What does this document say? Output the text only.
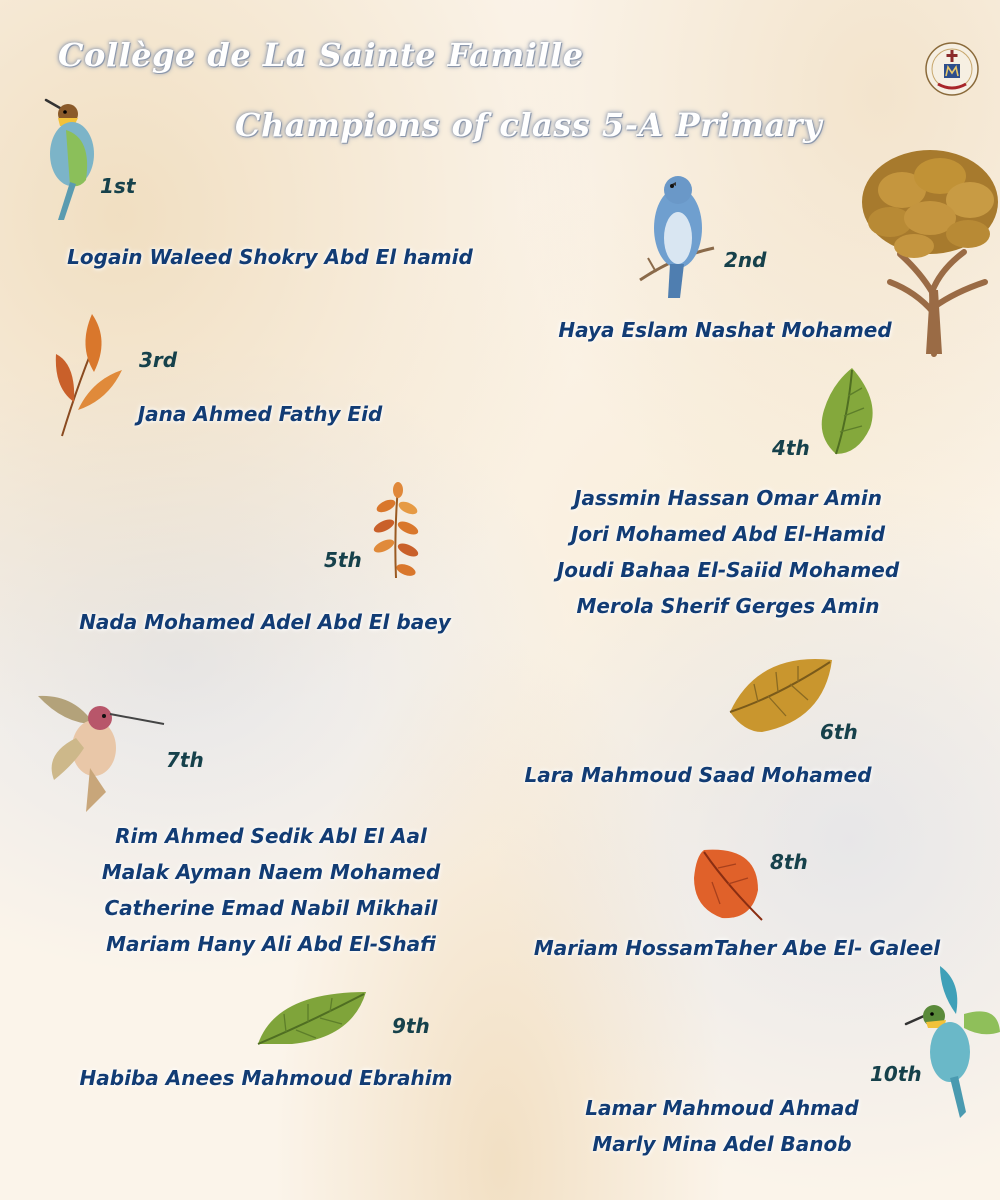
Collège de La Sainte Famille
Champions of class 5-A Primary
1st
2nd
3rd
4th
5th
6th
7th
8th
9th
10th
Logain Waleed Shokry Abd El hamid
Haya Eslam Nashat Mohamed
Jana Ahmed Fathy Eid
Jassmin Hassan Omar Amin
Jori Mohamed Abd El-Hamid
Joudi Bahaa El-Saiid Mohamed
Merola Sherif Gerges Amin
Nada Mohamed Adel Abd El baey
Lara Mahmoud Saad Mohamed
Rim Ahmed Sedik Abl El Aal
Malak Ayman Naem Mohamed
Catherine Emad Nabil Mikhail
Mariam Hany Ali Abd El-Shafi	Mariam HossamTaher Abe El- Galeel
Habiba Anees Mahmoud Ebrahim
Lamar Mahmoud Ahmad
Marly Mina Adel Banob
